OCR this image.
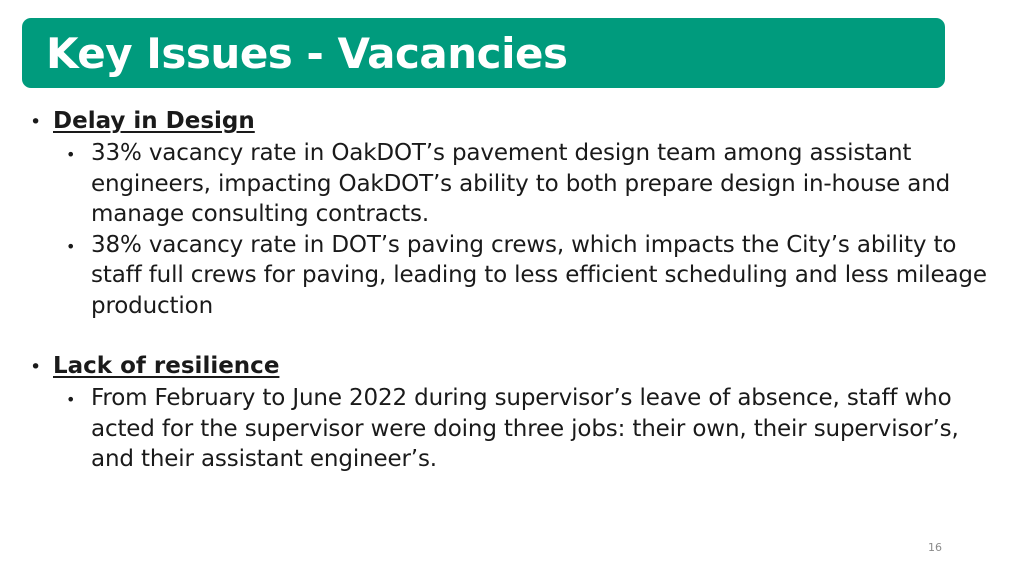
Key Issues - Vacancies
• Delay in Design
• 33% vacancy rate in OakDOT’s pavement design team among assistant engineers, impacting OakDOT’s ability to both prepare design in-house and manage consulting contracts.
• 38% vacancy rate in DOT’s paving crews, which impacts the City’s ability to staff full crews for paving, leading to less efficient scheduling and less mileage production
• Lack of resilience
• From February to June 2022 during supervisor’s leave of absence, staff who acted for the supervisor were doing three jobs: their own, their supervisor’s, and their assistant engineer’s.
16
